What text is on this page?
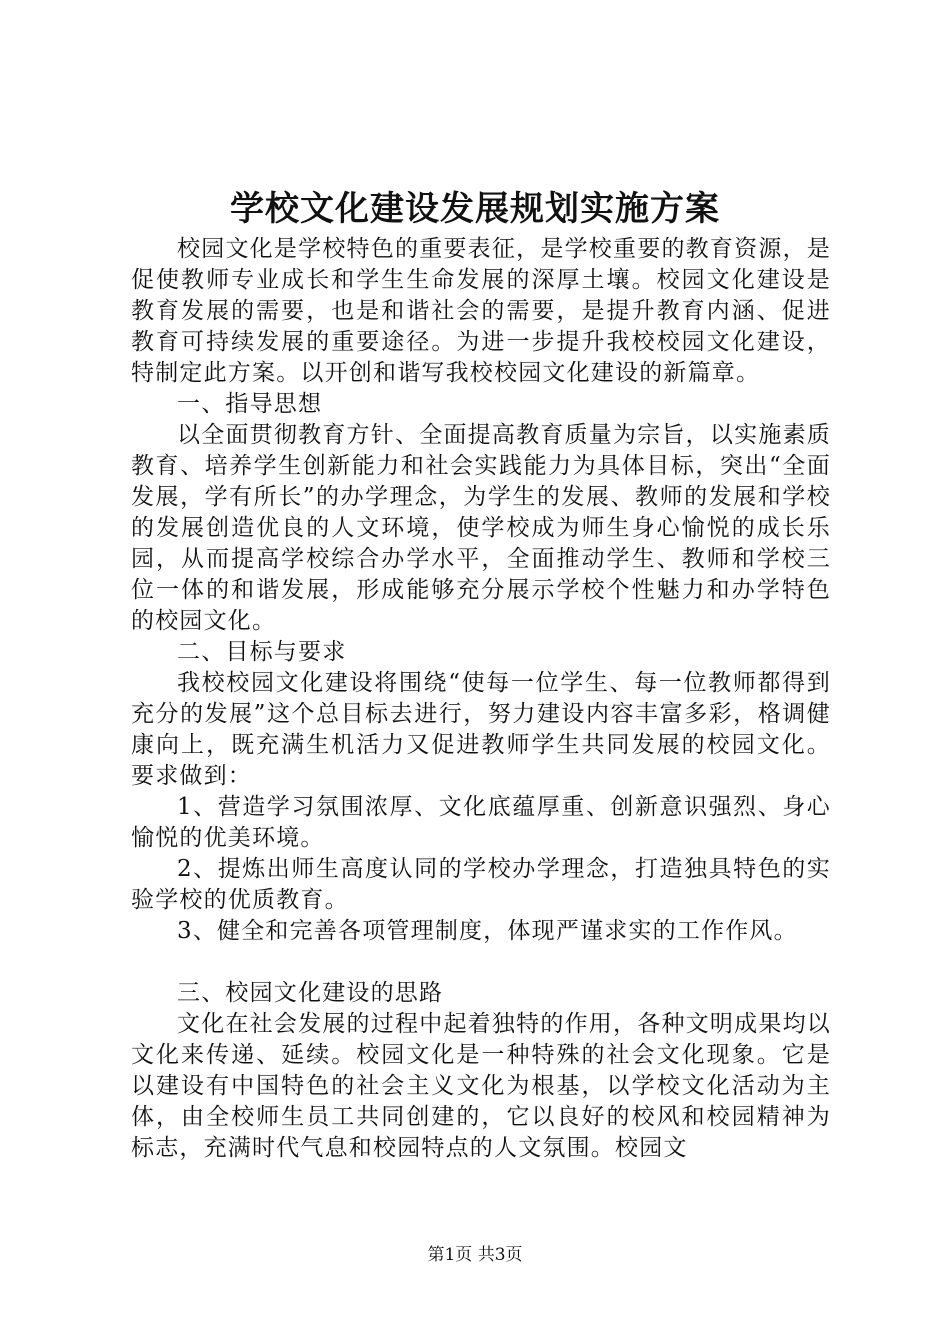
学校文化建设发展规划实施方案

校园文化是学校特色的重要表征，是学校重要的教育资源，是促使教师专业成长和学生生命发展的深厚土壤。校园文化建设是教育发展的需要，也是和谐社会的需要，是提升教育内涵、促进教育可持续发展的重要途径。为进一步提升我校校园文化建设，特制定此方案。以开创和谐写我校校园文化建设的新篇章。

一、指导思想

以全面贯彻教育方针、全面提高教育质量为宗旨，以实施素质教育、培养学生创新能力和社会实践能力为具体目标，突出“全面发展，学有所长”的办学理念，为学生的发展、教师的发展和学校的发展创造优良的人文环境，使学校成为师生身心愉悦的成长乐园，从而提高学校综合办学水平，全面推动学生、教师和学校三位一体的和谐发展，形成能够充分展示学校个性魅力和办学特色的校园文化。

二、目标与要求

我校校园文化建设将围绕“使每一位学生、每一位教师都得到充分的发展”这个总目标去进行，努力建设内容丰富多彩，格调健康向上，既充满生机活力又促进教师学生共同发展的校园文化。要求做到：

1、营造学习氛围浓厚、文化底蕴厚重、创新意识强烈、身心愉悦的优美环境。

2、提炼出师生高度认同的学校办学理念，打造独具特色的实验学校的优质教育。

3、健全和完善各项管理制度，体现严谨求实的工作作风。

三、校园文化建设的思路

文化在社会发展的过程中起着独特的作用，各种文明成果均以文化来传递、延续。校园文化是一种特殊的社会文化现象。它是以建设有中国特色的社会主义文化为根基，以学校文化活动为主体，由全校师生员工共同创建的，它以良好的校风和校园精神为标志，充满时代气息和校园特点的人文氛围。校园文

第1页 共3页
